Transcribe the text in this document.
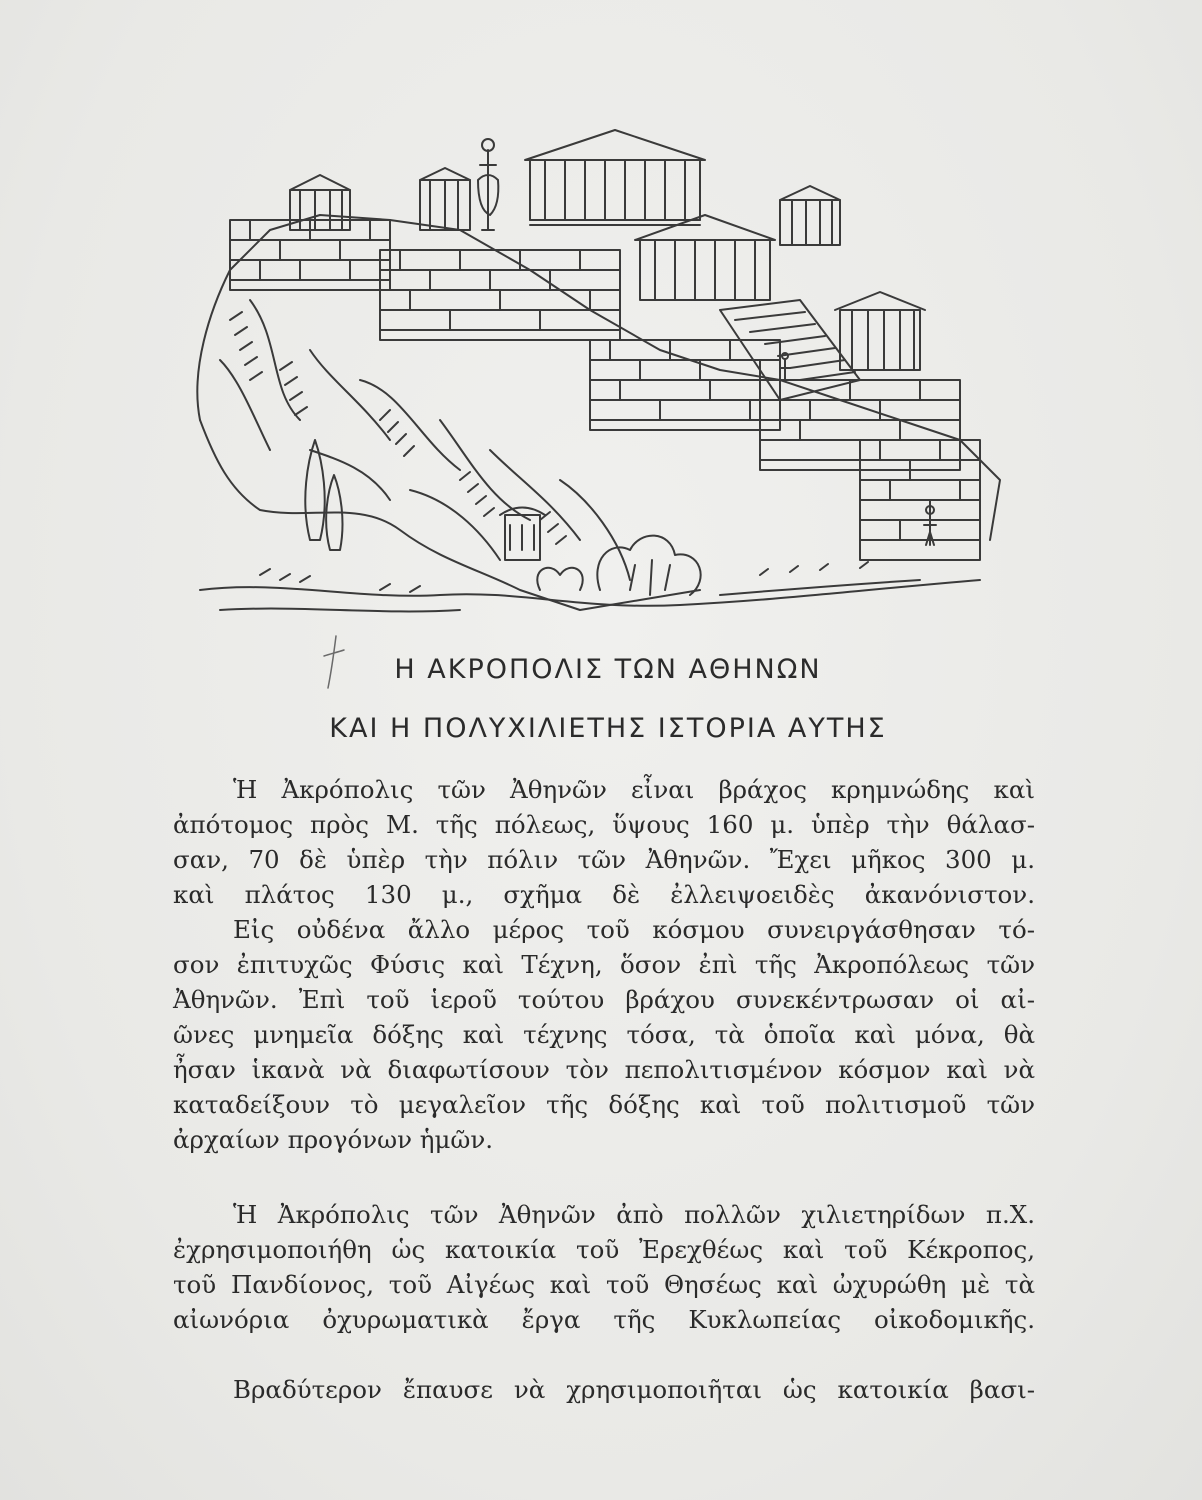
Η ΑΚΡΟΠΟΛΙΣ ΤΩΝ ΑΘΗΝΩΝ
ΚΑΙ Η ΠΟΛΥΧΙΛΙΕΤΗΣ ΙΣΤΟΡΙΑ ΑΥΤΗΣ
Ἡ Ἀκρόπολις τῶν Ἀθηνῶν εἶναι βράχος κρημνώδης καὶ
ἀπότομος πρὸς Μ. τῆς πόλεως, ὕψους 160 μ. ὑπὲρ τὴν θάλασ-
σαν, 70 δὲ ὑπὲρ τὴν πόλιν τῶν Ἀθηνῶν. Ἔχει μῆκος 300 μ.
καὶ πλάτος 130 μ., σχῆμα δὲ ἐλλειψοειδὲς ἀκανόνιστον.
Εἰς οὐδένα ἄλλο μέρος τοῦ κόσμου συνειργάσθησαν τό-
σον ἐπιτυχῶς Φύσις καὶ Τέχνη, ὅσον ἐπὶ τῆς Ἀκροπόλεως τῶν
Ἀθηνῶν. Ἐπὶ τοῦ ἱεροῦ τούτου βράχου συνεκέντρωσαν οἱ αἰ-
ῶνες μνημεῖα δόξης καὶ τέχνης τόσα, τὰ ὁποῖα καὶ μόνα, θὰ
ἦσαν ἱκανὰ νὰ διαφωτίσουν τὸν πεπολιτισμένον κόσμον καὶ νὰ
καταδείξουν τὸ μεγαλεῖον τῆς δόξης καὶ τοῦ πολιτισμοῦ τῶν
ἀρχαίων προγόνων ἡμῶν.
Ἡ Ἀκρόπολις τῶν Ἀθηνῶν ἀπὸ πολλῶν χιλιετηρίδων π.Χ.
ἐχρησιμοποιήθη ὡς κατοικία τοῦ Ἐρεχθέως καὶ τοῦ Κέκροπος,
τοῦ Πανδίονος, τοῦ Αἰγέως καὶ τοῦ Θησέως καὶ ὠχυρώθη μὲ τὰ
αἰωνόρια ὀχυρωματικὰ ἔργα τῆς Κυκλωπείας οἰκοδομικῆς.
Βραδύτερον ἔπαυσε νὰ χρησιμοποιῆται ὡς κατοικία βασι-
